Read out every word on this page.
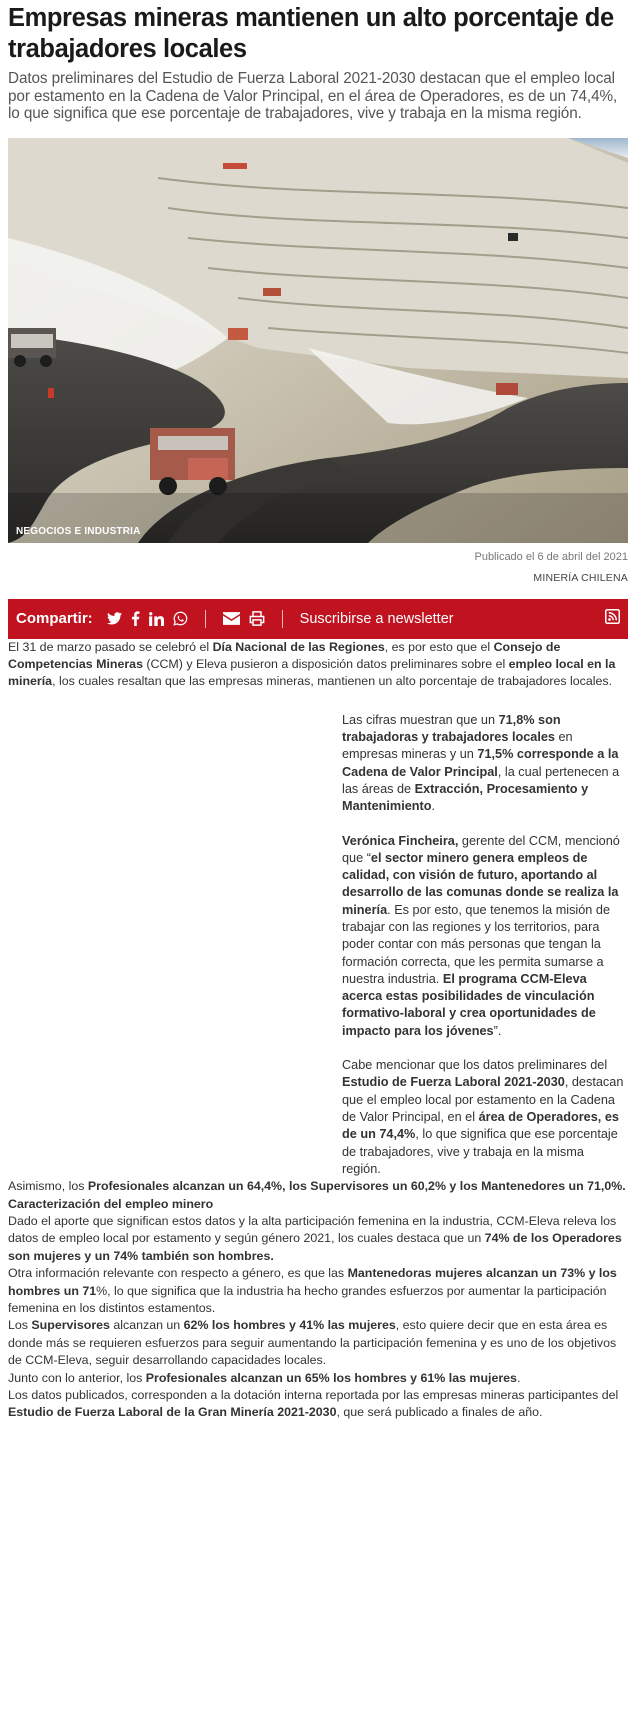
Empresas mineras mantienen un alto porcentaje de trabajadores locales

Datos preliminares del Estudio de Fuerza Laboral 2021-2030 destacan que el empleo local por estamento en la Cadena de Valor Principal, en el área de Operadores, es de un 74,4%, lo que significa que ese porcentaje de trabajadores, vive y trabaja en la misma región.

NEGOCIOS E INDUSTRIA
Publicado el 6 de abril del 2021
MINERÍA CHILENA
Compartir:	Suscribirse a newsletter

El 31 de marzo pasado se celebró el Día Nacional de las Regiones, es por esto que el Consejo de Competencias Mineras (CCM) y Eleva pusieron a disposición datos preliminares sobre el empleo local en la minería, los cuales resaltan que las empresas mineras, mantienen un alto porcentaje de trabajadores locales.

Las cifras muestran que un 71,8% son trabajadoras y trabajadores locales en empresas mineras y un 71,5% corresponde a la Cadena de Valor Principal, la cual pertenecen a las áreas de Extracción, Procesamiento y Mantenimiento.

Verónica Fincheira, gerente del CCM, mencionó que “el sector minero genera empleos de calidad, con visión de futuro, aportando al desarrollo de las comunas donde se realiza la minería. Es por esto, que tenemos la misión de trabajar con las regiones y los territorios, para poder contar con más personas que tengan la formación correcta, que les permita sumarse a nuestra industria. El programa CCM-Eleva acerca estas posibilidades de vinculación formativo-laboral y crea oportunidades de impacto para los jóvenes”.

Cabe mencionar que los datos preliminares del Estudio de Fuerza Laboral 2021-2030, destacan que el empleo local por estamento en la Cadena de Valor Principal, en el área de Operadores, es de un 74,4%, lo que significa que ese porcentaje de trabajadores, vive y trabaja en la misma región.

Asimismo, los Profesionales alcanzan un 64,4%, los Supervisores un 60,2% y los Mantenedores un 71,0%.

Caracterización del empleo minero

Dado el aporte que significan estos datos y la alta participación femenina en la industria, CCM-Eleva releva los datos de empleo local por estamento y según género 2021, los cuales destaca que un 74% de los Operadores son mujeres y un 74% también son hombres.

Otra información relevante con respecto a género, es que las Mantenedoras mujeres alcanzan un 73% y los hombres un 71%, lo que significa que la industria ha hecho grandes esfuerzos por aumentar la participación femenina en los distintos estamentos.

Los Supervisores alcanzan un 62% los hombres y 41% las mujeres, esto quiere decir que en esta área es donde más se requieren esfuerzos para seguir aumentando la participación femenina y es uno de los objetivos de CCM-Eleva, seguir desarrollando capacidades locales.

Junto con lo anterior, los Profesionales alcanzan un 65% los hombres y 61% las mujeres.

Los datos publicados, corresponden a la dotación interna reportada por las empresas mineras participantes del Estudio de Fuerza Laboral de la Gran Minería 2021-2030, que será publicado a finales de año.
